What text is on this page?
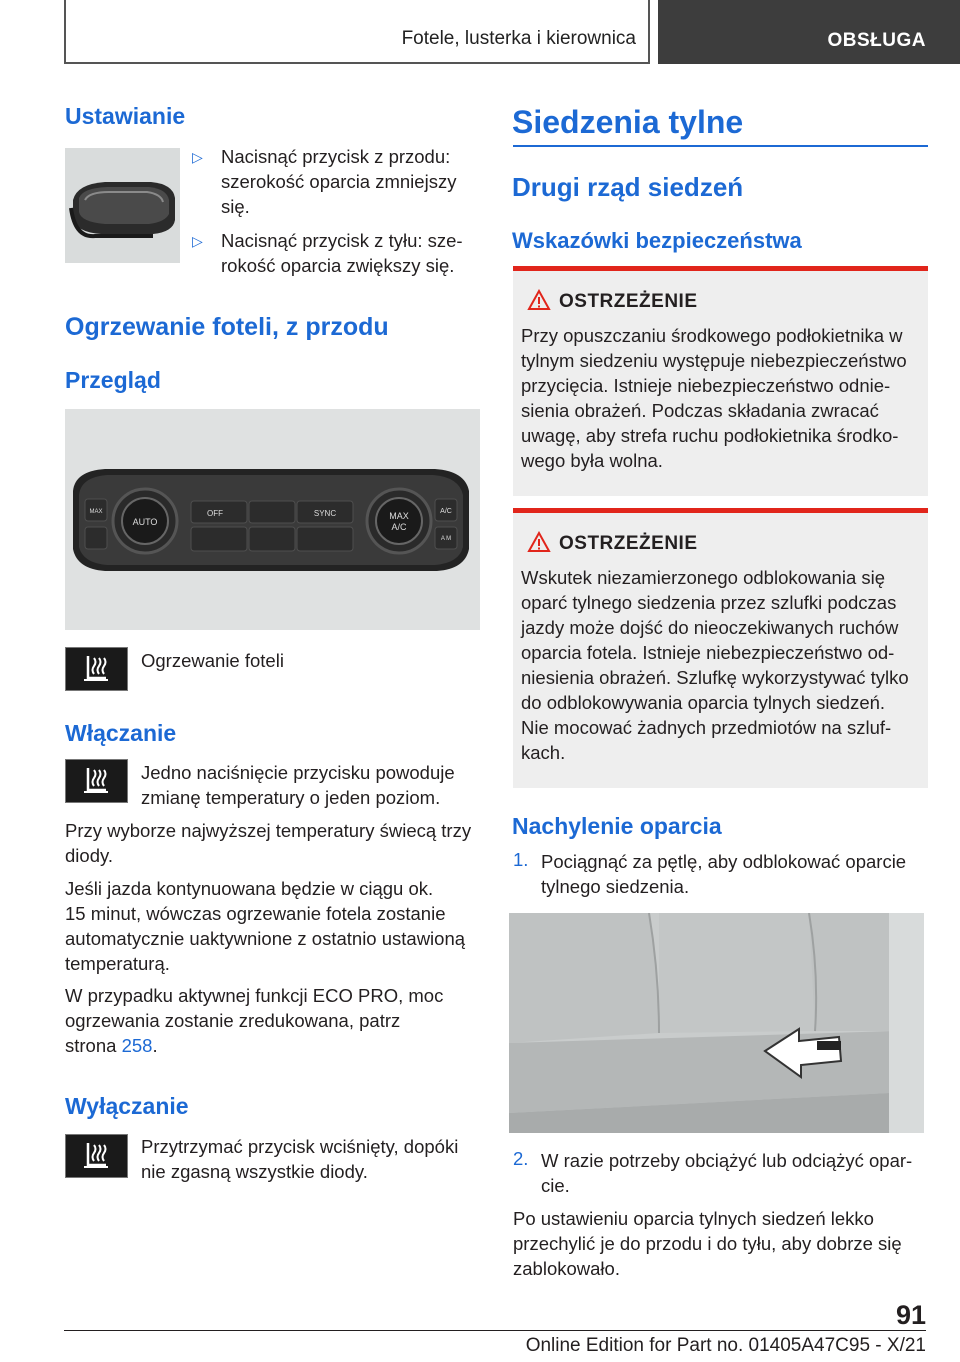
Fotele, lusterka i kierownica	OBSŁUGA
Ustawianie
▷ Nacisnąć przycisk z przodu:
szerokość oparcia zmniejszy
się.
▷ Nacisnąć przycisk z tyłu: sze‐
rokość oparcia zwiększy się.
Ogrzewanie foteli, z przodu
Przegląd
AUTO
MAX
A/C
OFF	SYNC	A/C
MAX
A M
Ogrzewanie foteli
Włączanie
Jedno naciśnięcie przycisku powoduje
zmianę temperatury o jeden poziom.
Przy wyborze najwyższej temperatury świecą trzy
diody.
Jeśli jazda kontynuowana będzie w ciągu ok.
15 minut, wówczas ogrzewanie fotela zostanie
automatycznie uaktywnione z ostatnio ustawioną
temperaturą.
W przypadku aktywnej funkcji ECO PRO, moc
ogrzewania zostanie zredukowana, patrz
strona 258.
Wyłączanie
Przytrzymać przycisk wciśnięty, dopóki
nie zgasną wszystkie diody.
Siedzenia tylne
Drugi rząd siedzeń
Wskazówki bezpieczeństwa
OSTRZEŻENIE
Przy opuszczaniu środkowego podłokietnika w
tylnym siedzeniu występuje niebezpieczeństwo
przycięcia. Istnieje niebezpieczeństwo odnie‐
sienia obrażeń. Podczas składania zwracać
uwagę, aby strefa ruchu podłokietnika środko‐
wego była wolna.
OSTRZEŻENIE
Wskutek niezamierzonego odblokowania się
oparć tylnego siedzenia przez szlufki podczas
jazdy może dojść do nieoczekiwanych ruchów
oparcia fotela. Istnieje niebezpieczeństwo od‐
niesienia obrażeń. Szlufkę wykorzystywać tylko
do odblokowywania oparcia tylnych siedzeń.
Nie mocować żadnych przedmiotów na szluf‐
kach.
Nachylenie oparcia
1. Pociągnąć za pętlę, aby odblokować oparcie
tylnego siedzenia.
2. W razie potrzeby obciążyć lub odciążyć opar‐
cie.
Po ustawieniu oparcia tylnych siedzeń lekko
przechylić je do przodu i do tyłu, aby dobrze się
zablokowało.
91
Online Edition for Part no. 01405A47C95 - X/21
